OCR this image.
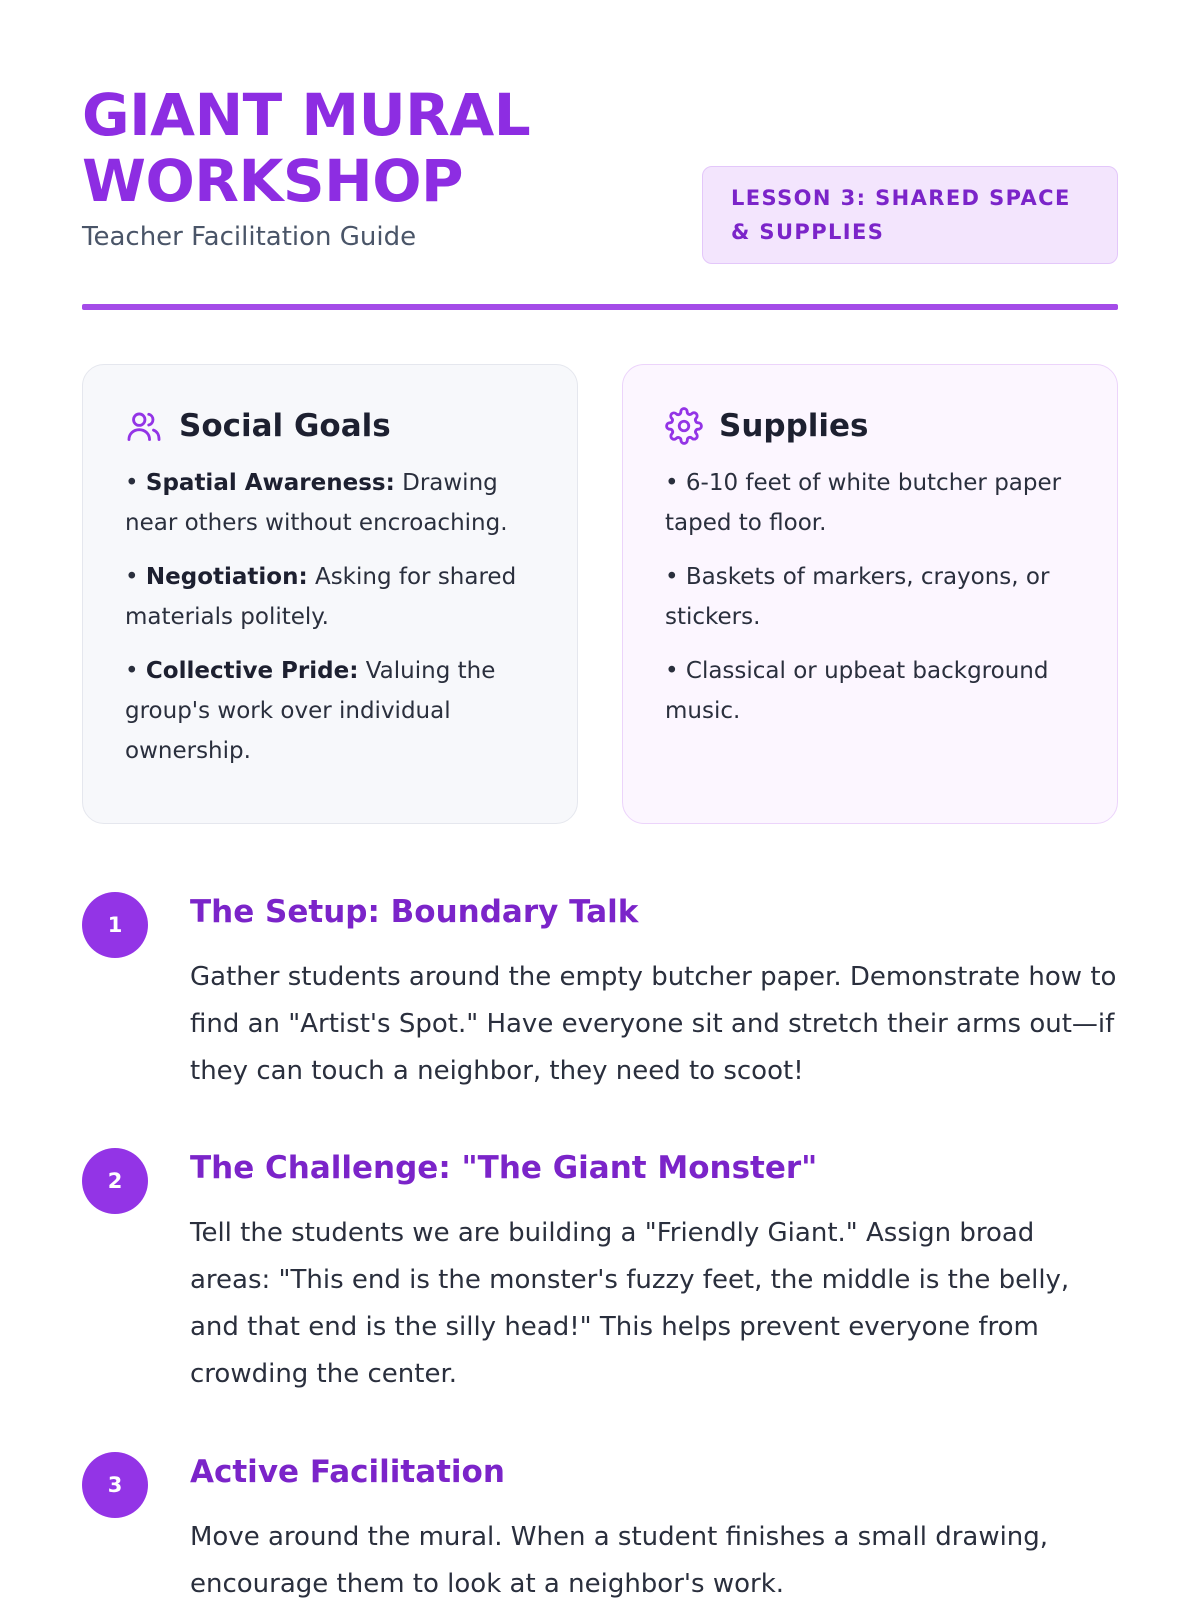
GIANT MURAL WORKSHOP
Teacher Facilitation Guide
LESSON 3: SHARED SPACE & SUPPLIES
Social Goals
• Spatial Awareness: Drawing near others without encroaching.
• Negotiation: Asking for shared materials politely.
• Collective Pride: Valuing the group's work over individual ownership.
Supplies
• 6-10 feet of white butcher paper taped to floor.
• Baskets of markers, crayons, or stickers.
• Classical or upbeat background music.
1	The Setup: Boundary Talk

Gather students around the empty butcher paper. Demonstrate how to find an "Artist's Spot." Have everyone sit and stretch their arms out—if they can touch a neighbor, they need to scoot!

2	The Challenge: "The Giant Monster"

Tell the students we are building a "Friendly Giant." Assign broad areas: "This end is the monster's fuzzy feet, the middle is the belly, and that end is the silly head!" This helps prevent everyone from crowding the center.

3	Active Facilitation

Move around the mural. When a student finishes a small drawing, encourage them to look at a neighbor's work.
